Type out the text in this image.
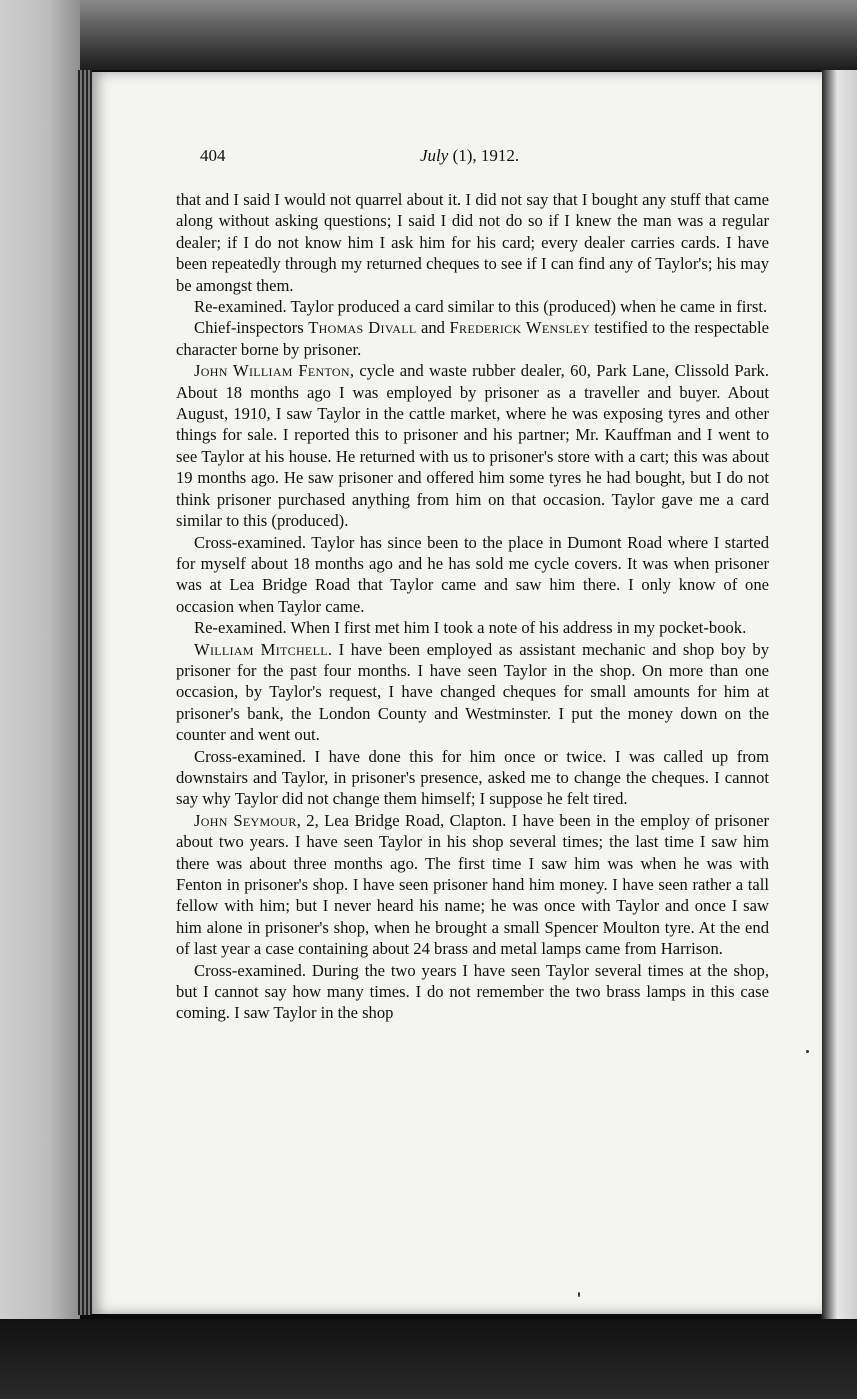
404	July (1), 1912.

that and I said I would not quarrel about it. I did not say that I bought any stuff that came along without asking questions; I said I did not do so if I knew the man was a regular dealer; if I do not know him I ask him for his card; every dealer carries cards. I have been repeatedly through my returned cheques to see if I can find any of Taylor's; his may be amongst them.

Re-examined. Taylor produced a card similar to this (produced) when he came in first.

Chief-inspectors Thomas Divall and Frederick Wensley testified to the respectable character borne by prisoner.

John William Fenton, cycle and waste rubber dealer, 60, Park Lane, Clissold Park. About 18 months ago I was employed by prisoner as a traveller and buyer. About August, 1910, I saw Taylor in the cattle market, where he was exposing tyres and other things for sale. I reported this to prisoner and his partner; Mr. Kauffman and I went to see Taylor at his house. He returned with us to prisoner's store with a cart; this was about 19 months ago. He saw prisoner and offered him some tyres he had bought, but I do not think prisoner purchased anything from him on that occasion. Taylor gave me a card similar to this (produced).

Cross-examined. Taylor has since been to the place in Dumont Road where I started for myself about 18 months ago and he has sold me cycle covers. It was when prisoner was at Lea Bridge Road that Taylor came and saw him there. I only know of one occasion when Taylor came.

Re-examined. When I first met him I took a note of his address in my pocket-book.

William Mitchell. I have been employed as assistant mechanic and shop boy by prisoner for the past four months. I have seen Taylor in the shop. On more than one occasion, by Taylor's request, I have changed cheques for small amounts for him at prisoner's bank, the London County and Westminster. I put the money down on the counter and went out.

Cross-examined. I have done this for him once or twice. I was called up from downstairs and Taylor, in prisoner's presence, asked me to change the cheques. I cannot say why Taylor did not change them himself; I suppose he felt tired.

John Seymour, 2, Lea Bridge Road, Clapton. I have been in the employ of prisoner about two years. I have seen Taylor in his shop several times; the last time I saw him there was about three months ago. The first time I saw him was when he was with Fenton in prisoner's shop. I have seen prisoner hand him money. I have seen rather a tall fellow with him; but I never heard his name; he was once with Taylor and once I saw him alone in prisoner's shop, when he brought a small Spencer Moulton tyre. At the end of last year a case containing about 24 brass and metal lamps came from Harrison.

Cross-examined. During the two years I have seen Taylor several times at the shop, but I cannot say how many times. I do not remember the two brass lamps in this case coming. I saw Taylor in the shop
